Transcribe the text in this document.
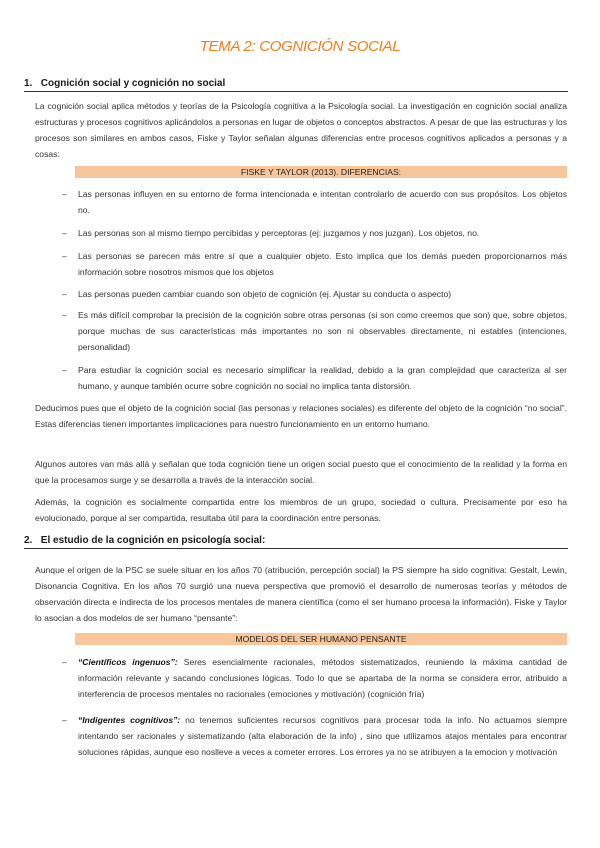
TEMA 2: COGNICIÓN SOCIAL
1. Cognición social y cognición no social
La cognición social aplica métodos y teorías de la Psicología cognitiva a la Psicología social. La investigación en cognición social analiza estructuras y procesos cognitivos aplicándolos a personas en lugar de objetos o conceptos abstractos. A pesar de que las estructuras y los procesos son similares en ambos casos, Fiske y Taylor señalan algunas diferencias entre procesos cognitivos aplicados a personas y a cosas:
FISKE Y TAYLOR (2013). DIFERENCIAS:
– Las personas influyen en su entorno de forma intencionada e intentan controlarlo de acuerdo con sus propósitos. Los objetos no.
– Las personas son al mismo tiempo percibidas y perceptoras (ej: juzgamos y nos juzgan). Los objetos, no.
– Las personas se parecen más entre sí que a cualquier objeto. Esto implica que los demás pueden proporcionarnos más información sobre nosotros mismos que los objetos
– Las personas pueden cambiar cuando son objeto de cognición (ej. Ajustar su conducta o aspecto)
– Es más difícil comprobar la precisión de la cognición sobre otras personas (si son como creemos que son) que, sobre objetos, porque muchas de sus características más importantes no son ni observables directamente, ni estables (intenciones, personalidad)
– Para estudiar la cognición social es necesario simplificar la realidad, debido a la gran complejidad que caracteriza al ser humano, y aunque también ocurre sobre cognición no social no implica tanta distorsión.
Deducimos pues que el objeto de la cognición social (las personas y relaciones sociales) es diferente del objeto de la cognición “no social”. Estas diferencias tienen importantes implicaciones para nuestro funcionamiento en un entorno humano.
Algunos autores van más allá y señalan que toda cognición tiene un origen social puesto que el conocimiento de la realidad y la forma en que la procesamos surge y se desarrolla a través de la interacción social.
Además, la cognición es socialmente compartida entre los miembros de un grupo, sociedad o cultura. Precisamente por eso ha evolucionado, porque al ser compartida, resultaba útil para la coordinación entre personas.
2. El estudio de la cognición en psicología social:
Aunque el origen de la PSC se suele situar en los años 70 (atribución, percepción social) la PS siempre ha sido cognitiva: Gestalt, Lewin, Disonancia Cognitiva. En los años 70 surgió una nueva perspectiva que promovió el desarrollo de numerosas teorías y métodos de observación directa e indirecta de los procesos mentales de manera científica (como el ser humano procesa la información). Fiske y Taylor lo asocian a dos modelos de ser humano “pensante”:
MODELOS DEL SER HUMANO PENSANTE
– “Científicos ingenuos”: Seres esencialmente racionales, métodos sistematizados, reuniendo la máxima cantidad de información relevante y sacando conclusiones lógicas. Todo lo que se apartaba de la norma se considera error, atribuido a interferencia de procesos mentales no racionales (emociones y motivación) (cognición fría)
– “Indigentes cognitivos”: no tenemos suficientes recursos cognitivos para procesar toda la info. No actuamos siempre intentando ser racionales y sistematizando (alta elaboración de la info) , sino que utilizamos atajos mentales para encontrar soluciones rápidas, aunque eso noslleve a veces a cometer errores. Los errores ya no se atribuyen a la emocion y motivación
